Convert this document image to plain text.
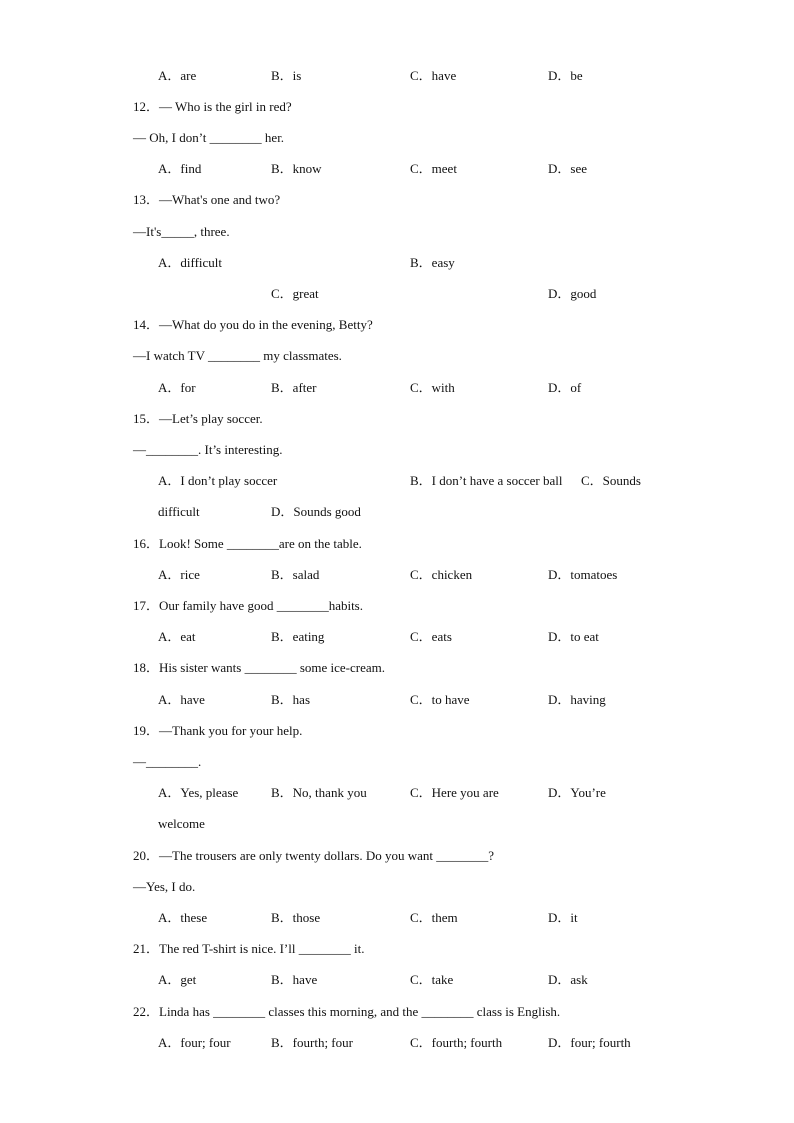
A．are	B．is	C．have	D．be
12．— Who is the girl in red?
— Oh, I don’t ________ her.
A．find	B．know	C．meet	D．see
13．—What's one and two?
—It's_____, three.
A．difficult	B．easy
C．great	D．good
14．—What do you do in the evening, Betty?
—I watch TV ________ my classmates.
A．for	B．after	C．with	D．of
15．—Let’s play soccer.
—________. It’s interesting.
A．I don’t play soccer	B．I don’t have a soccer ball C．Sounds
difficult	D．Sounds good
16．Look! Some ________are on the table.
A．rice	B．salad	C．chicken	D．tomatoes
17．Our family have good ________habits.
A．eat	B．eating	C．eats	D．to eat
18．His sister wants ________ some ice-cream.
A．have	B．has	C．to have	D．having
19．—Thank you for your help.
—________.
A．Yes, please	B．No, thank you	C．Here you are	D．You’re
welcome
20．—The trousers are only twenty dollars. Do you want ________?
—Yes, I do.
A．these	B．those	C．them	D．it
21．The red T-shirt is nice. I’ll ________ it.
A．get	B．have	C．take	D．ask
22．Linda has ________ classes this morning, and the ________ class is English.
A．four; four	B．fourth; four	C．fourth; fourth	D．four; fourth
